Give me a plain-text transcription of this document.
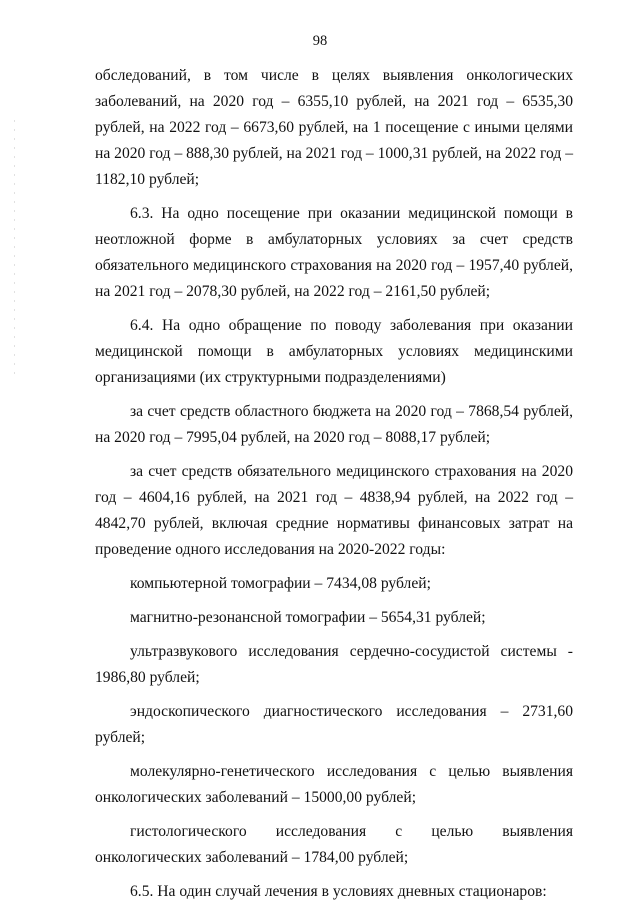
98

обследований, в том числе в целях выявления онкологических заболеваний, на 2020 год – 6355,10 рублей, на 2021 год – 6535,30 рублей, на 2022 год – 6673,60 рублей, на 1 посещение с иными целями на 2020 год – 888,30 рублей, на 2021 год – 1000,31 рублей, на 2022 год – 1182,10 рублей;

6.3. На одно посещение при оказании медицинской помощи в неотложной форме в амбулаторных условиях за счет средств обязательного медицинского страхования на 2020 год – 1957,40 рублей, на 2021 год – 2078,30 рублей, на 2022 год – 2161,50 рублей;

6.4. На одно обращение по поводу заболевания при оказании медицинской помощи в амбулаторных условиях медицинскими организациями (их структурными подразделениями)

за счет средств областного бюджета на 2020 год – 7868,54 рублей, на 2020 год – 7995,04 рублей, на 2020 год – 8088,17 рублей;

за счет средств обязательного медицинского страхования на 2020 год – 4604,16 рублей, на 2021 год – 4838,94 рублей, на 2022 год – 4842,70 рублей, включая средние нормативы финансовых затрат на проведение одного исследования на 2020-2022 годы:

компьютерной томографии – 7434,08 рублей;

магнитно-резонансной томографии – 5654,31 рублей;

ультразвукового исследования сердечно-сосудистой системы - 1986,80 рублей;

эндоскопического диагностического исследования – 2731,60 рублей;

молекулярно-генетического исследования с целью выявления онкологических заболеваний – 15000,00 рублей;

гистологического исследования с целью выявления онкологических заболеваний – 1784,00 рублей;

6.5. На один случай лечения в условиях дневных стационаров:
